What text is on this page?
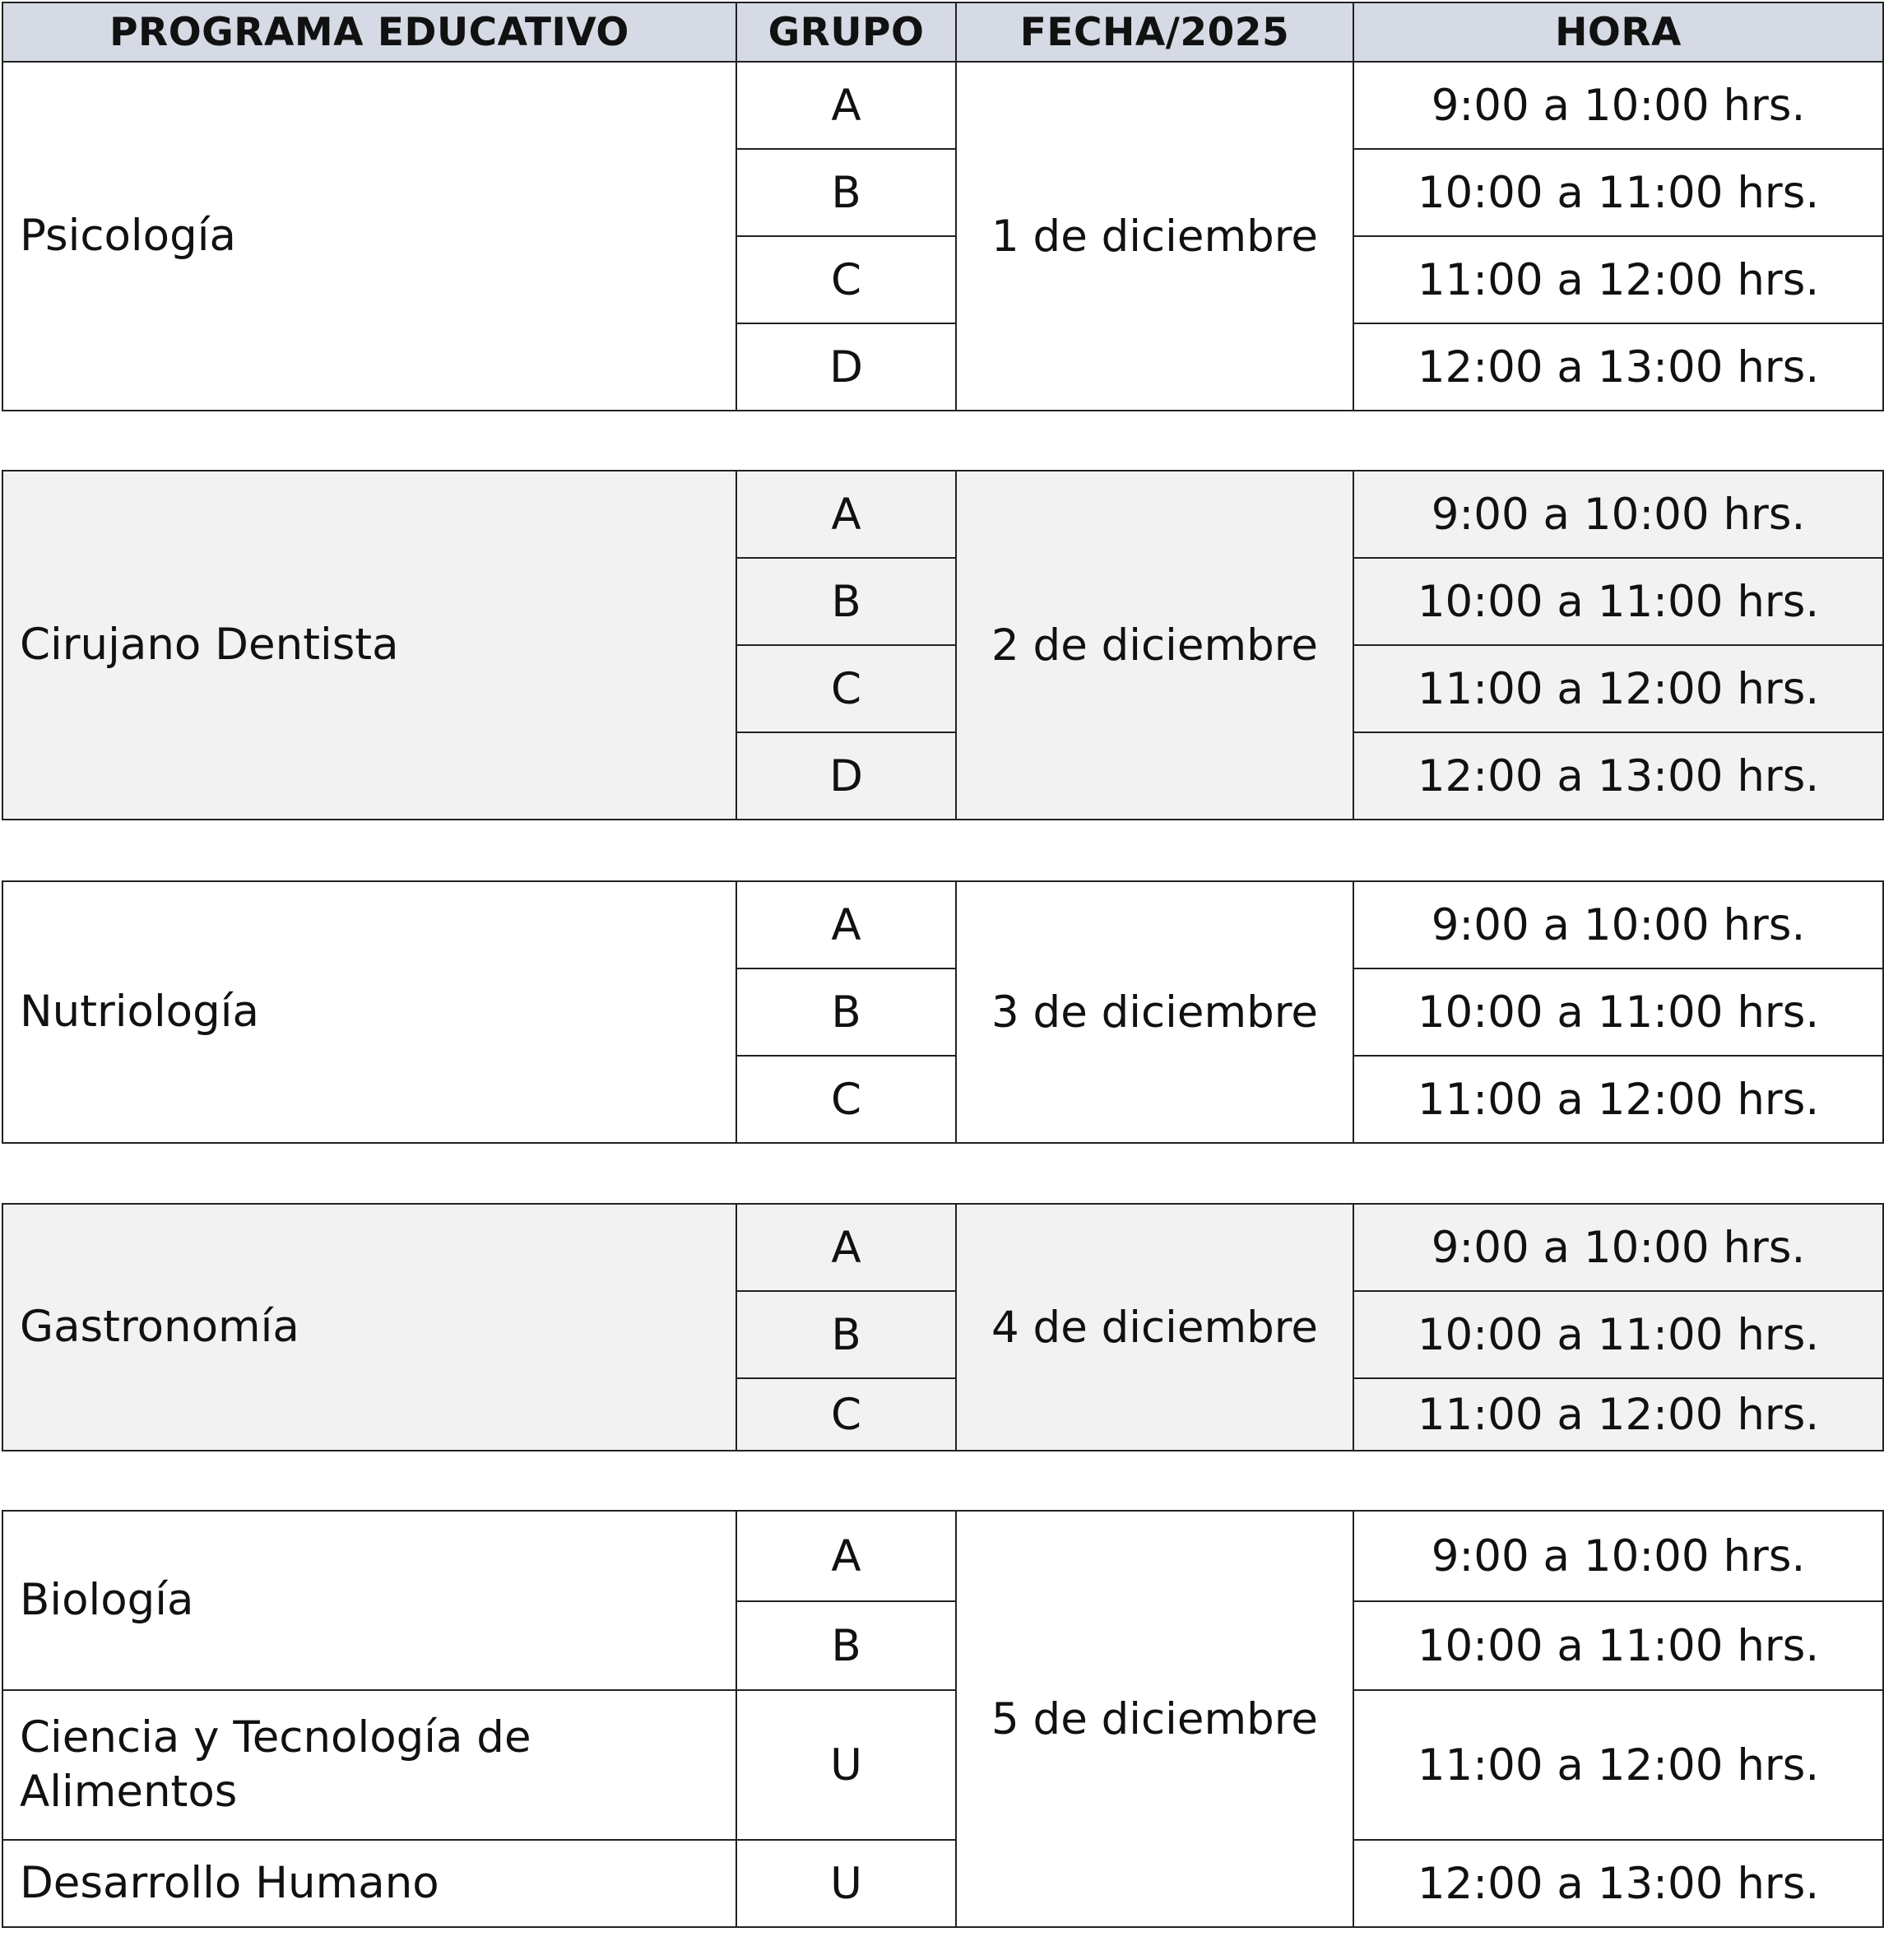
PROGRAMA EDUCATIVO	GRUPO	FECHA/2025	HORA
Psicología	A	1 de diciembre	9:00 a 10:00 hrs.
	B		10:00 a 11:00 hrs.
	C		11:00 a 12:00 hrs.
	D		12:00 a 13:00 hrs.
Cirujano Dentista	A	2 de diciembre	9:00 a 10:00 hrs.
	B		10:00 a 11:00 hrs.
	C		11:00 a 12:00 hrs.
	D		12:00 a 13:00 hrs.
Nutriología	A	3 de diciembre	9:00 a 10:00 hrs.
	B		10:00 a 11:00 hrs.
	C		11:00 a 12:00 hrs.
Gastronomía	A	4 de diciembre	9:00 a 10:00 hrs.
	B		10:00 a 11:00 hrs.
	C		11:00 a 12:00 hrs.
Biología	A	5 de diciembre	9:00 a 10:00 hrs.
	B		10:00 a 11:00 hrs.
Ciencia y Tecnología de Alimentos	U		11:00 a 12:00 hrs.
Desarrollo Humano	U		12:00 a 13:00 hrs.
